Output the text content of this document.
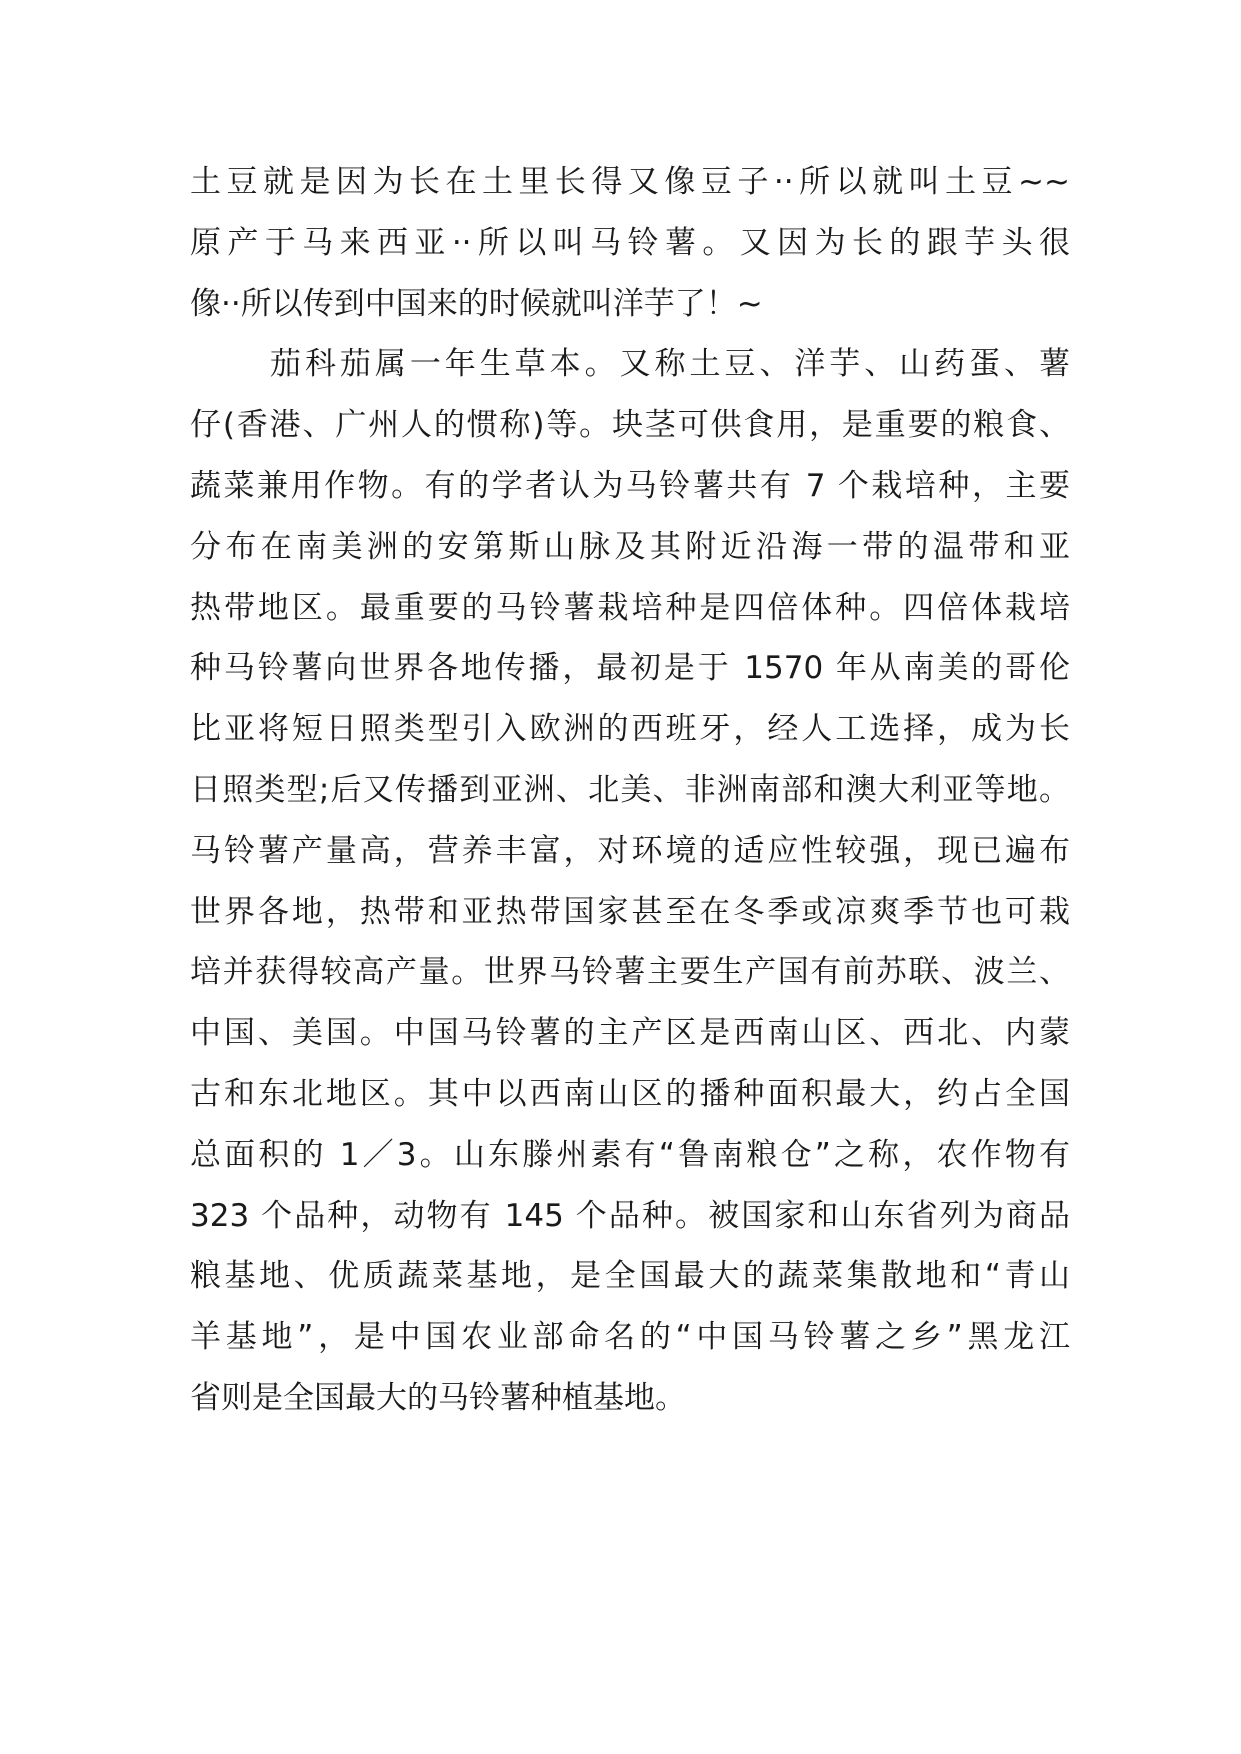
土豆就是因为长在土里长得又像豆子··所以就叫土豆~~
原产于马来西亚··所以叫马铃薯。又因为长的跟芋头很
像··所以传到中国来的时候就叫洋芋了！~
茄科茄属一年生草本。又称土豆、洋芋、山药蛋、薯
仔(香港、广州人的惯称)等。块茎可供食用，是重要的粮食、
蔬菜兼用作物。有的学者认为马铃薯共有 7 个栽培种，主要
分布在南美洲的安第斯山脉及其附近沿海一带的温带和亚
热带地区。最重要的马铃薯栽培种是四倍体种。四倍体栽培
种马铃薯向世界各地传播，最初是于 1570 年从南美的哥伦
比亚将短日照类型引入欧洲的西班牙，经人工选择，成为长
日照类型;后又传播到亚洲、北美、非洲南部和澳大利亚等地。
马铃薯产量高，营养丰富，对环境的适应性较强，现已遍布
世界各地，热带和亚热带国家甚至在冬季或凉爽季节也可栽
培并获得较高产量。世界马铃薯主要生产国有前苏联、波兰、
中国、美国。中国马铃薯的主产区是西南山区、西北、内蒙
古和东北地区。其中以西南山区的播种面积最大，约占全国
总面积的 1／3。山东滕州素有“鲁南粮仓”之称，农作物有
323 个品种，动物有 145 个品种。被国家和山东省列为商品
粮基地、优质蔬菜基地，是全国最大的蔬菜集散地和“青山
羊基地”，是中国农业部命名的“中国马铃薯之乡”黑龙江
省则是全国最大的马铃薯种植基地。
